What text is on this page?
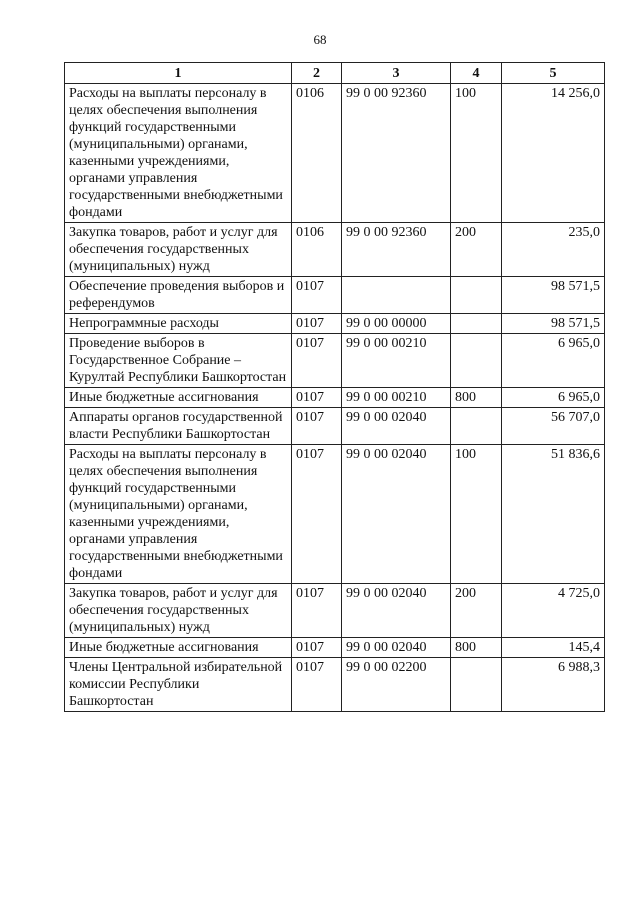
68
1	2	3	4	5
Расходы на выплаты персоналу в целях обеспечения выполнения функций государственными (муниципальными) органами, казенными учреждениями, органами управления государственными внебюджетными фондами	0106	99 0 00 92360	100	14 256,0
Закупка товаров, работ и услуг для обеспечения государственных (муниципальных) нужд	0106	99 0 00 92360	200	235,0
Обеспечение проведения выборов и референдумов	0107			98 571,5
Непрограммные расходы	0107	99 0 00 00000		98 571,5
Проведение выборов в Государственное Собрание – Курултай Республики Башкортостан	0107	99 0 00 00210		6 965,0
Иные бюджетные ассигнования	0107	99 0 00 00210	800	6 965,0
Аппараты органов государственной власти Республики Башкортостан	0107	99 0 00 02040		56 707,0
Расходы на выплаты персоналу в целях обеспечения выполнения функций государственными (муниципальными) органами, казенными учреждениями, органами управления государственными внебюджетными фондами	0107	99 0 00 02040	100	51 836,6
Закупка товаров, работ и услуг для обеспечения государственных (муниципальных) нужд	0107	99 0 00 02040	200	4 725,0
Иные бюджетные ассигнования	0107	99 0 00 02040	800	145,4
Члены Центральной избирательной комиссии Республики Башкортостан	0107	99 0 00 02200		6 988,3
